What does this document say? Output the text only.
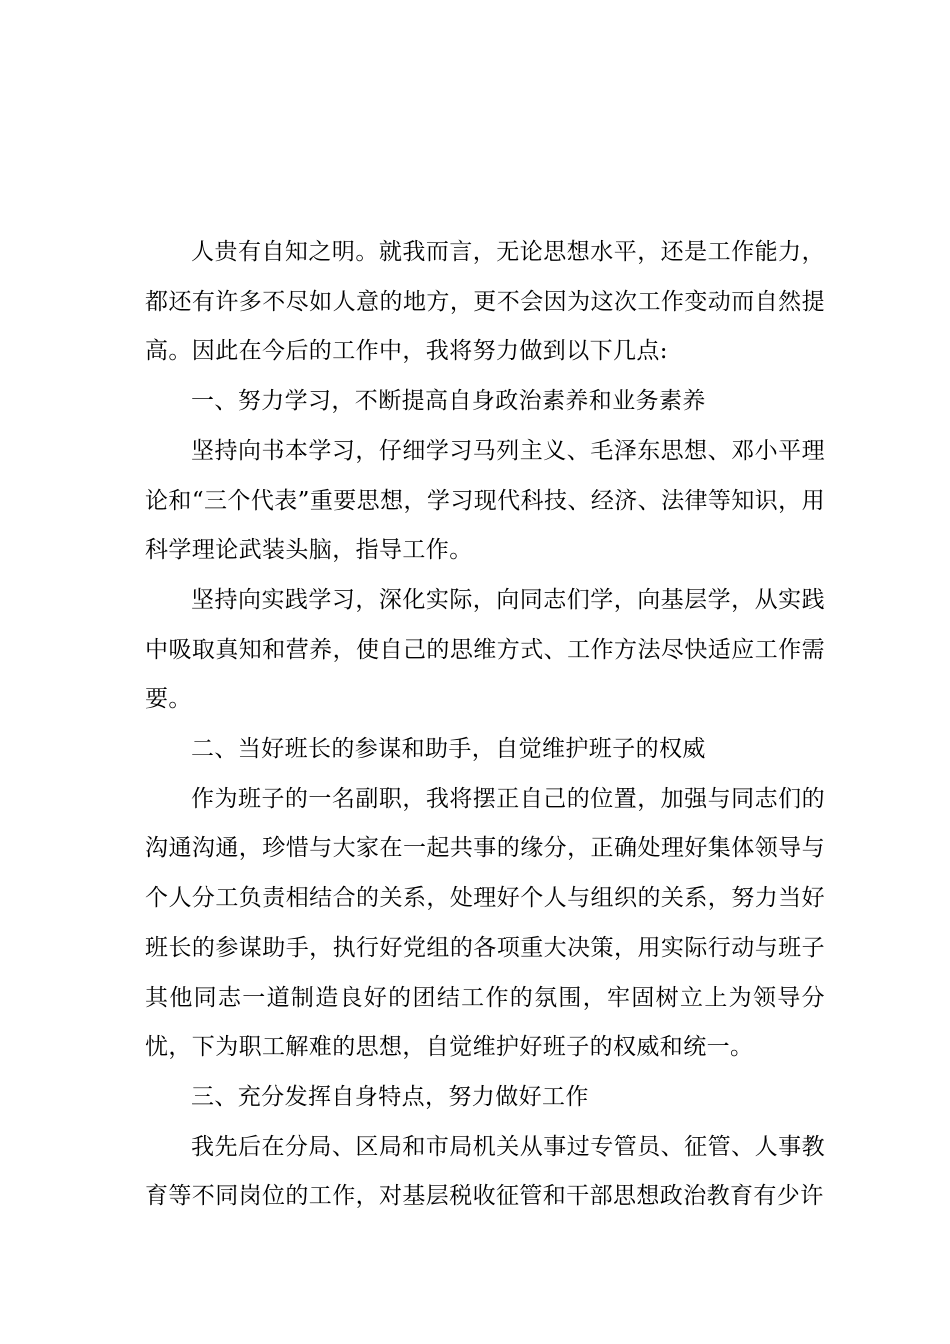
人贵有自知之明。就我而言，无论思想水平，还是工作能力，都还有许多不尽如人意的地方，更不会因为这次工作变动而自然提高。因此在今后的工作中，我将努力做到以下几点:

一、努力学习，不断提高自身政治素养和业务素养

坚持向书本学习，仔细学习马列主义、毛泽东思想、邓小平理论和“三个代表”重要思想，学习现代科技、经济、法律等知识，用科学理论武装头脑，指导工作。

坚持向实践学习，深化实际，向同志们学，向基层学，从实践中吸取真知和营养，使自己的思维方式、工作方法尽快适应工作需要。

二、当好班长的参谋和助手，自觉维护班子的权威

作为班子的一名副职，我将摆正自己的位置，加强与同志们的沟通沟通，珍惜与大家在一起共事的缘分，正确处理好集体领导与个人分工负责相结合的关系，处理好个人与组织的关系，努力当好班长的参谋助手，执行好党组的各项重大决策，用实际行动与班子其他同志一道制造良好的团结工作的氛围，牢固树立上为领导分忧，下为职工解难的思想，自觉维护好班子的权威和统一。

三、充分发挥自身特点，努力做好工作

我先后在分局、区局和市局机关从事过专管员、征管、人事教育等不同岗位的工作，对基层税收征管和干部思想政治教育有少许
